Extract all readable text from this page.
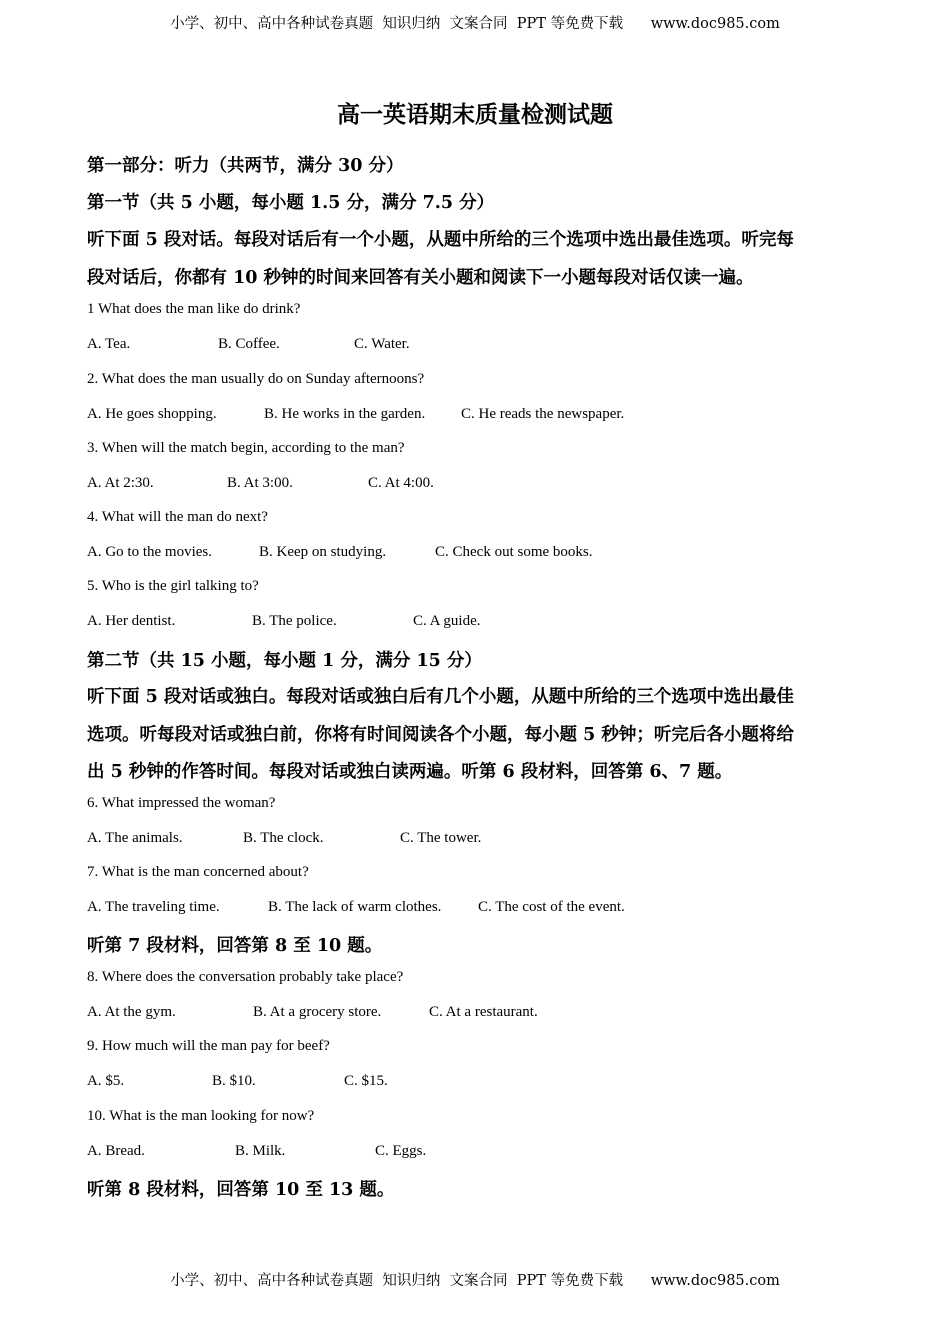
小学、初中、高中各种试卷真题  知识归纳  文案合同  PPT 等免费下载      www.doc985.com
高一英语期末质量检测试题
第一部分：听力（共两节，满分 30 分）
第一节（共 5 小题，每小题 1.5 分，满分 7.5 分）
听下面 5 段对话。每段对话后有一个小题，从题中所给的三个选项中选出最佳选项。听完每
段对话后，你都有 10 秒钟的时间来回答有关小题和阅读下一小题每段对话仅读一遍。
1 What does the man like do drink?
A. Tea.	B. Coffee.	C. Water.
2. What does the man usually do on Sunday afternoons?
A. He goes shopping.	B. He works in the garden. C. He reads the newspaper.
3. When will the match begin, according to the man?
A. At 2:30.	B. At 3:00.	C. At 4:00.
4. What will the man do next?
A. Go to the movies.	B. Keep on studying.	C. Check out some books.
5. Who is the girl talking to?
A. Her dentist.	B. The police.	C. A guide.
第二节（共 15 小题，每小题 1 分，满分 15 分）
听下面 5 段对话或独白。每段对话或独白后有几个小题，从题中所给的三个选项中选出最佳
选项。听每段对话或独白前，你将有时间阅读各个小题，每小题 5 秒钟；听完后各小题将给
出 5 秒钟的作答时间。每段对话或独白读两遍。听第 6 段材料，回答第 6、7 题。
6. What impressed the woman?
A. The animals.	B. The clock.	C. The tower.
7. What is the man concerned about?
A. The traveling time.	B. The lack of warm clothes. C. The cost of the event.
听第 7 段材料，回答第 8 至 10 题。
8. Where does the conversation probably take place?
A. At the gym.	B. At a grocery store.	C. At a restaurant.
9. How much will the man pay for beef?
A. $5.	B. $10.	C. $15.
10. What is the man looking for now?
A. Bread.	B. Milk.	C. Eggs.
听第 8 段材料，回答第 10 至 13 题。
小学、初中、高中各种试卷真题  知识归纳  文案合同  PPT 等免费下载      www.doc985.com
